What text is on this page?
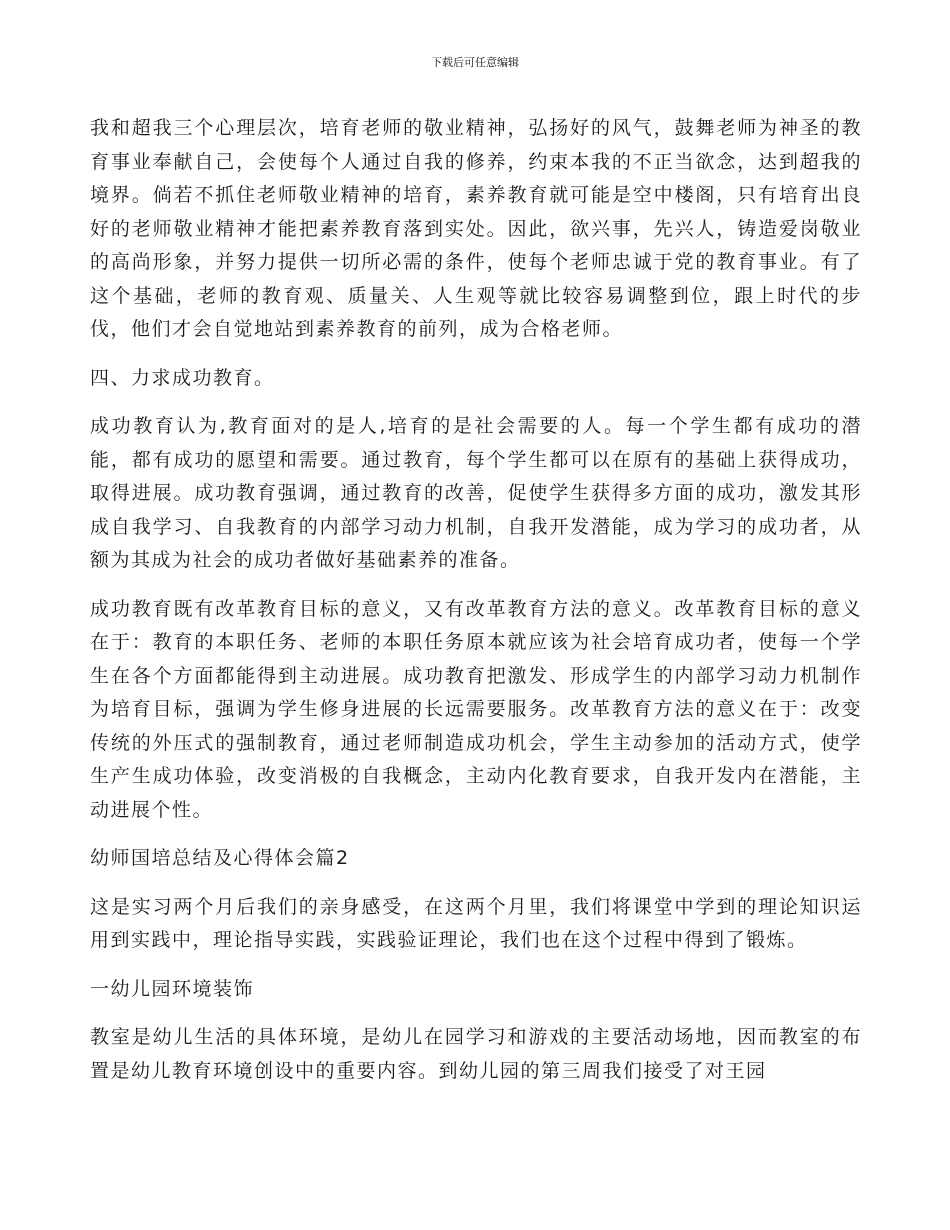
下载后可任意编辑

我和超我三个心理层次，培育老师的敬业精神，弘扬好的风气，鼓舞老师为神圣的教育事业奉献自己，会使每个人通过自我的修养，约束本我的不正当欲念，达到超我的境界。倘若不抓住老师敬业精神的培育，素养教育就可能是空中楼阁，只有培育出良好的老师敬业精神才能把素养教育落到实处。因此，欲兴事，先兴人，铸造爱岗敬业的高尚形象，并努力提供一切所必需的条件，使每个老师忠诚于党的教育事业。有了这个基础，老师的教育观、质量关、人生观等就比较容易调整到位，跟上时代的步伐，他们才会自觉地站到素养教育的前列，成为合格老师。

四、力求成功教育。

成功教育认为,教育面对的是人,培育的是社会需要的人。每一个学生都有成功的潜能，都有成功的愿望和需要。通过教育，每个学生都可以在原有的基础上获得成功，取得进展。成功教育强调，通过教育的改善，促使学生获得多方面的成功，激发其形成自我学习、自我教育的内部学习动力机制，自我开发潜能，成为学习的成功者，从额为其成为社会的成功者做好基础素养的准备。

成功教育既有改革教育目标的意义，又有改革教育方法的意义。改革教育目标的意义在于：教育的本职任务、老师的本职任务原本就应该为社会培育成功者，使每一个学生在各个方面都能得到主动进展。成功教育把激发、形成学生的内部学习动力机制作为培育目标，强调为学生修身进展的长远需要服务。改革教育方法的意义在于：改变传统的外压式的强制教育，通过老师制造成功机会，学生主动参加的活动方式，使学生产生成功体验，改变消极的自我概念，主动内化教育要求，自我开发内在潜能，主动进展个性。

幼师国培总结及心得体会篇2

这是实习两个月后我们的亲身感受，在这两个月里，我们将课堂中学到的理论知识运用到实践中，理论指导实践，实践验证理论，我们也在这个过程中得到了锻炼。

一幼儿园环境装饰

教室是幼儿生活的具体环境，是幼儿在园学习和游戏的主要活动场地，因而教室的布置是幼儿教育环境创设中的重要内容。到幼儿园的第三周我们接受了对王园
